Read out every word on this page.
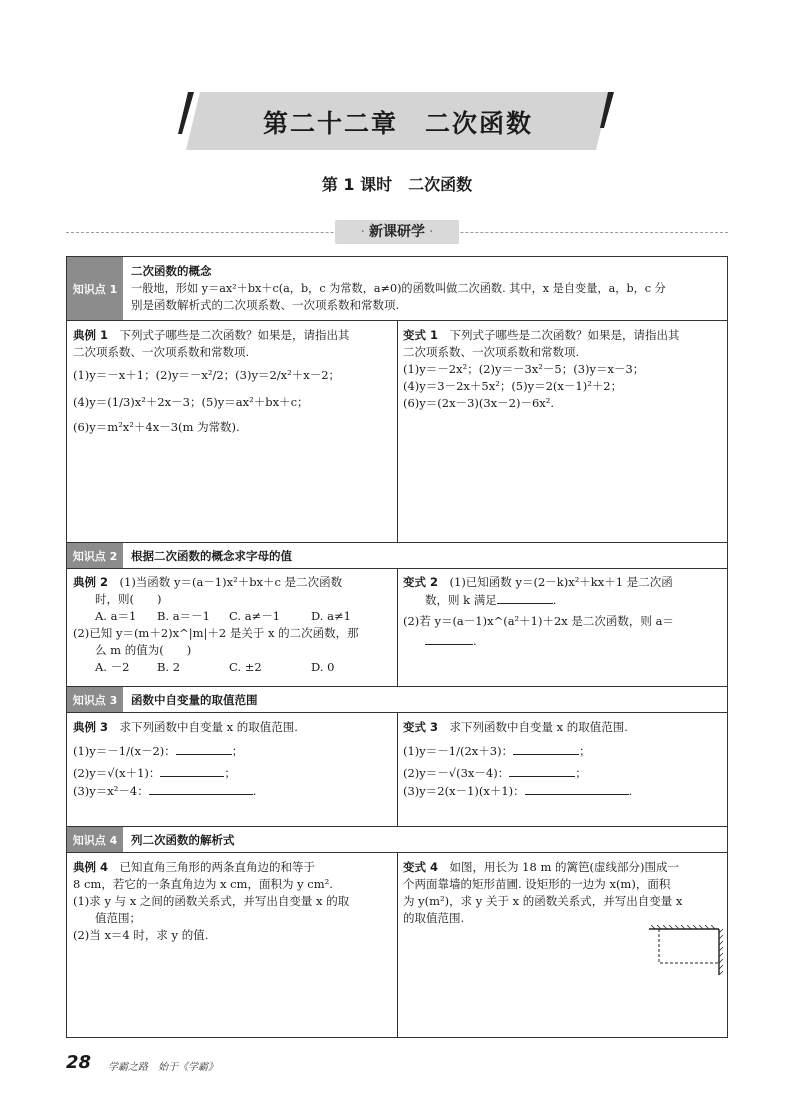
第二十二章　二次函数
第 1 课时　二次函数
· 新课研学 ·
知识点 1
二次函数的概念
一般地，形如 y＝ax²＋bx＋c(a，b，c 为常数，a≠0)的函数叫做二次函数. 其中，x 是自变量，a，b，c 分
别是函数解析式的二次项系数、一次项系数和常数项.
典例 1　 下列式子哪些是二次函数？如果是，请指出其
二次项系数、一次项系数和常数项.
(1)y＝－x＋1；(2)y＝－x²/2；(3)y＝2/x²＋x－2；
(4)y＝(1/3)x²＋2x－3；(5)y＝ax²＋bx＋c；
(6)y＝m²x²＋4x－3(m 为常数).
变式 1　 下列式子哪些是二次函数？如果是，请指出其
二次项系数、一次项系数和常数项.
(1)y＝－2x²；(2)y＝－3x²－5；(3)y＝x－3；
(4)y＝3－2x＋5x²；(5)y＝2(x－1)²＋2；
(6)y＝(2x－3)(3x－2)－6x².
知识点 2	根据二次函数的概念求字母的值
典例 2　 (1)当函数 y＝(a－1)x²＋bx＋c 是二次函数
时，则(　　)
A. a＝1 B. a＝－1 C. a≠－1	D. a≠1
(2)已知 y＝(m＋2)x^|m|＋2 是关于 x 的二次函数，那
么 m 的值为(　　)
A. －2 B. 2	C. ±2	D. 0
变式 2　 (1)已知函数 y＝(2－k)x²＋kx＋1 是二次函
数，则 k 满足	.
(2)若 y＝(a－1)x^(a²＋1)＋2x 是二次函数，则 a＝
.
知识点 3	函数中自变量的取值范围
典例 3　 求下列函数中自变量 x 的取值范围.
(1)y＝－1/(x－2)：	；
(2)y＝√(x＋1)：	；
(3)y＝x²－4：	.
变式 3　 求下列函数中自变量 x 的取值范围.
(1)y＝－1/(2x＋3)：	；
(2)y＝－√(3x－4)：	；
(3)y＝2(x－1)(x＋1)：	.
知识点 4	列二次函数的解析式
典例 4　 已知直角三角形的两条直角边的和等于
8 cm，若它的一条直角边为 x cm，面积为 y cm².
(1)求 y 与 x 之间的函数关系式，并写出自变量 x 的取
值范围；
(2)当 x＝4 时，求 y 的值.
变式 4　 如图，用长为 18 m 的篱笆(虚线部分)围成一
个两面靠墙的矩形苗圃. 设矩形的一边为 x(m)，面积
为 y(m²)，求 y 关于 x 的函数关系式，并写出自变量 x
的取值范围.
28 学霸之路　始于《学霸》
